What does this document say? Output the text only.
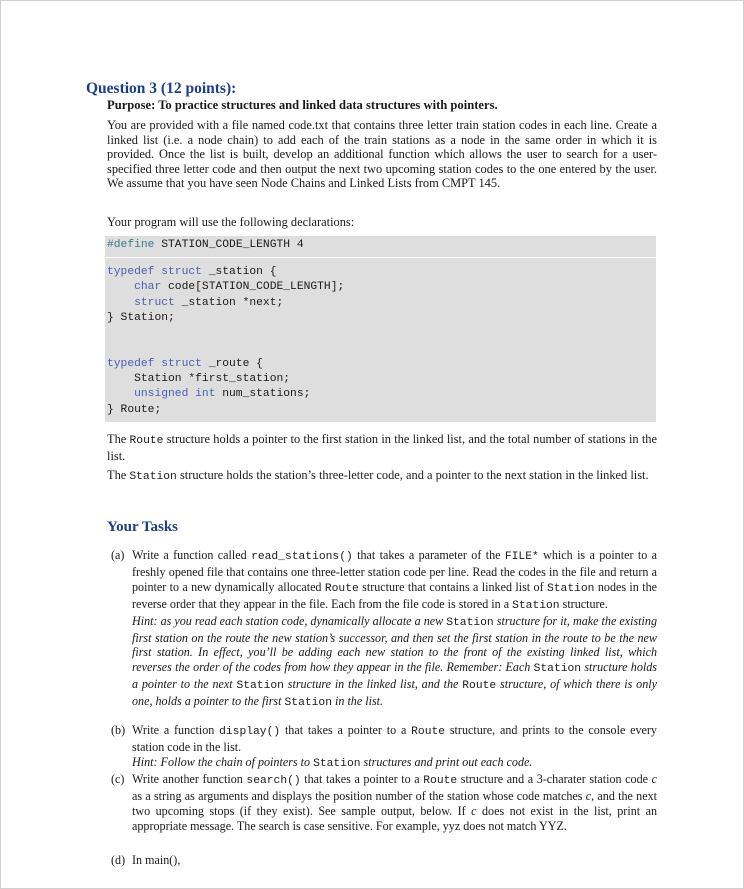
Question 3 (12 points):
Purpose: To practice structures and linked data structures with pointers.
You are provided with a file named code.txt that contains three letter train station codes in each line. Create a linked list (i.e. a node chain) to add each of the train stations as a node in the same order in which it is provided. Once the list is built, develop an additional function which allows the user to search for a user-specified three letter code and then output the next two upcoming station codes to the one entered by the user. We assume that you have seen Node Chains and Linked Lists from CMPT 145.
Your program will use the following declarations:
#define STATION_CODE_LENGTH 4
typedef struct _station {
char code[STATION_CODE_LENGTH];
struct _station *next;
} Station;
typedef struct _route {
Station *first_station;
unsigned int num_stations;
} Route;
The Route structure holds a pointer to the first station in the linked list, and the total number of stations in the list.
The Station structure holds the station’s three-letter code, and a pointer to the next station in the linked list.
Your Tasks
(a) Write a function called read_stations() that takes a parameter of the FILE* which is a pointer to a freshly opened file that contains one three-letter station code per line. Read the codes in the file and return a pointer to a new dynamically allocated Route structure that contains a linked list of Station nodes in the reverse order that they appear in the file. Each from the file code is stored in a Station structure.
Hint: as you read each station code, dynamically allocate a new Station structure for it, make the existing first station on the route the new station’s successor, and then set the first station in the route to be the new first station. In effect, you’ll be adding each new station to the front of the existing linked list, which reverses the order of the codes from how they appear in the file. Remember: Each Station structure holds a pointer to the next Station structure in the linked list, and the Route structure, of which there is only one, holds a pointer to the first Station in the list.
(b) Write a function display() that takes a pointer to a Route structure, and prints to the console every station code in the list.
Hint: Follow the chain of pointers to Station structures and print out each code.
(c) Write another function search() that takes a pointer to a Route structure and a 3-charater station code c as a string as arguments and displays the position number of the station whose code matches c, and the next two upcoming stops (if they exist). See sample output, below. If c does not exist in the list, print an appropriate message. The search is case sensitive. For example, yyz does not match YYZ.
(d) In main(),
